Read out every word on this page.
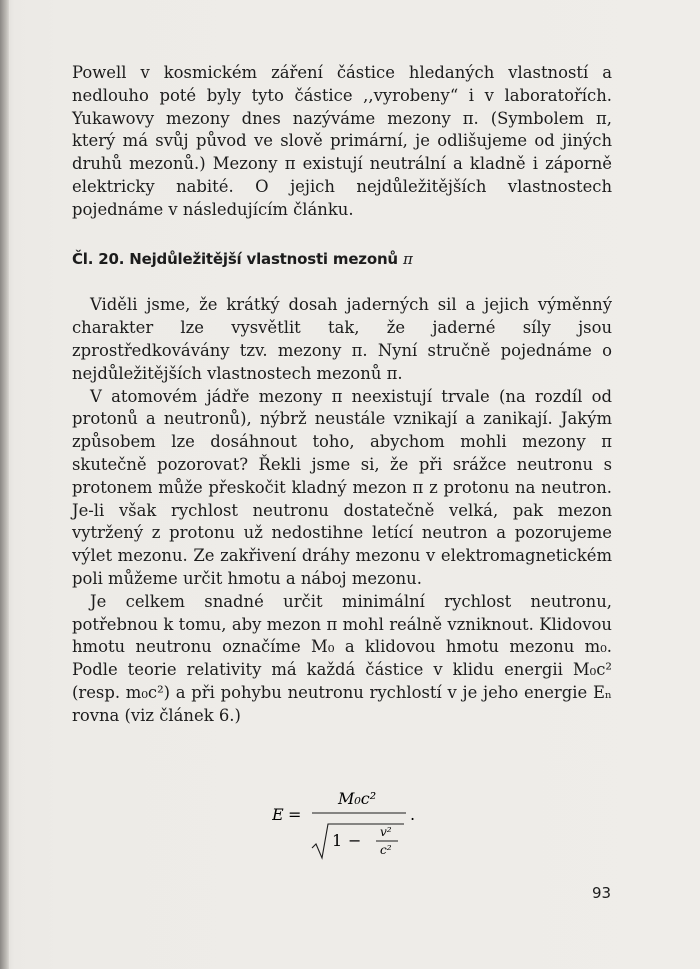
Powell v kosmickém záření částice hledaných vlastností a nedlouho poté byly tyto částice ,,vyrobeny“ i v laboratořích. Yukawovy mezony dnes nazýváme mezony π. (Symbolem π, který má svůj původ ve slově primární, je odlišujeme od jiných druhů mezonů.) Mezony π existují neutrální a kladně i záporně elektricky nabité. O jejich nejdůležitějších vlastnostech pojednáme v následujícím článku.

Čl. 20. Nejdůležitější vlastnosti mezonů π

Viděli jsme, že krátký dosah jaderných sil a jejich výměnný charakter lze vysvětlit tak, že jaderné síly jsou zprostředkovávány tzv. mezony π. Nyní stručně pojednáme o nejdůležitějších vlastnostech mezonů π.

V atomovém jádře mezony π neexistují trvale (na rozdíl od protonů a neutronů), nýbrž neustále vznikají a zanikají. Jakým způsobem lze dosáhnout toho, abychom mohli mezony π skutečně pozorovat? Řekli jsme si, že při srážce neutronu s protonem může přeskočit kladný mezon π z protonu na neutron. Je-li však rychlost neutronu dostatečně velká, pak mezon vytržený z protonu už nedostihne letící neutron a pozorujeme výlet mezonu. Ze zakřivení dráhy mezonu v elektromagnetickém poli můžeme určit hmotu a náboj mezonu.

Je celkem snadné určit minimální rychlost neutronu, potřebnou k tomu, aby mezon π mohl reálně vzniknout. Klidovou hmotu neutronu označíme M₀ a klidovou hmotu mezonu m₀. Podle teorie relativity má každá částice v klidu energii M₀c² (resp. m₀c²) a při pohybu neutronu rychlostí v je jeho energie Eₙ rovna (viz článek 6.)

E =
M₀c²
1 − v²
c²
.
93
